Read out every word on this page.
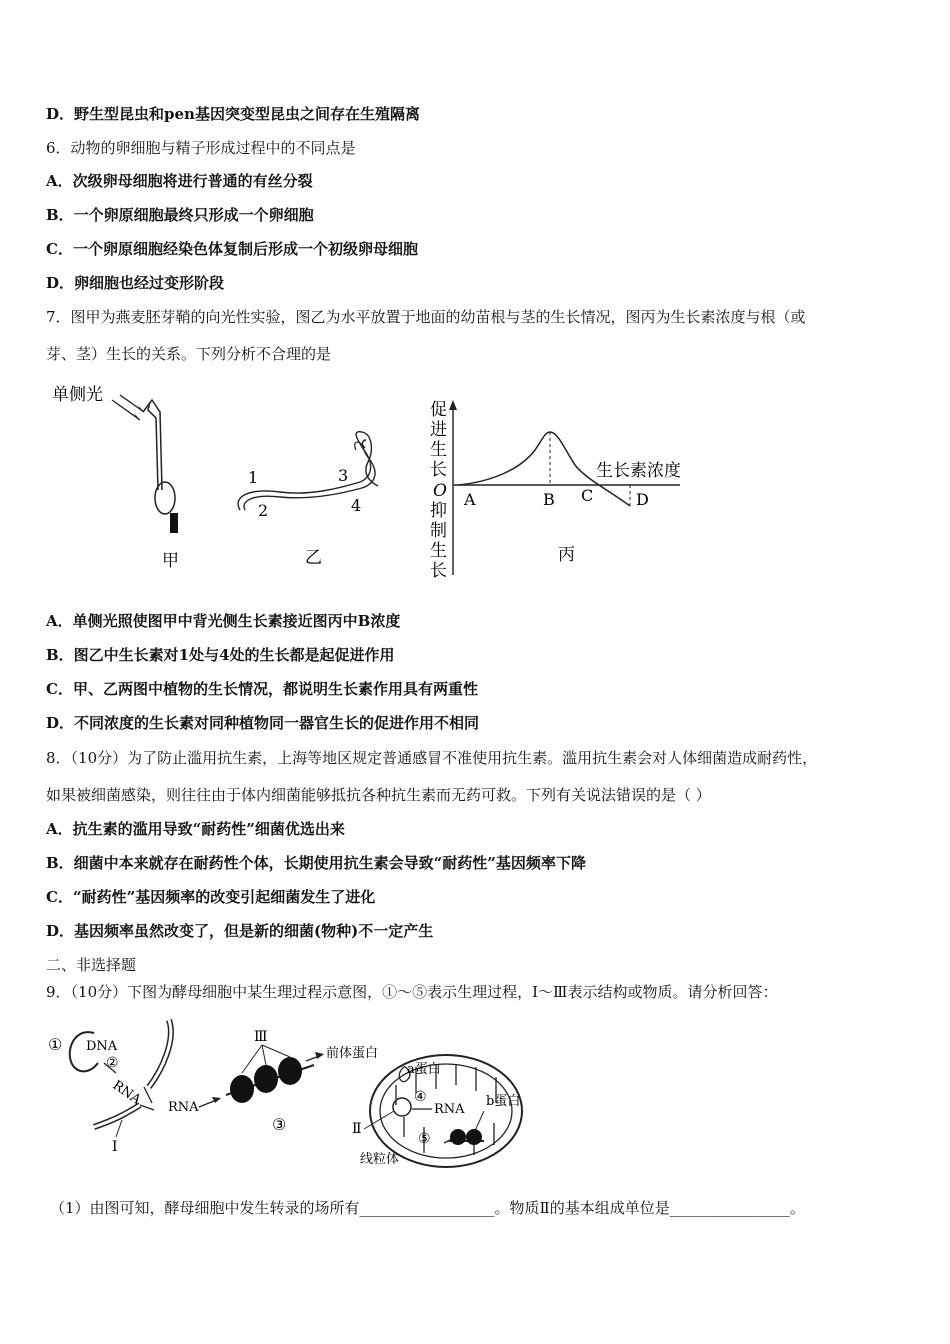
D．野生型昆虫和pen基因突变型昆虫之间存在生殖隔离
6．动物的卵细胞与精子形成过程中的不同点是
A．次级卵母细胞将进行普通的有丝分裂
B．一个卵原细胞最终只形成一个卵细胞
C．一个卵原细胞经染色体复制后形成一个初级卵母细胞
D．卵细胞也经过变形阶段
7．图甲为燕麦胚芽鞘的向光性实验，图乙为水平放置于地面的幼苗根与茎的生长情况，图丙为生长素浓度与根（或
芽、茎）生长的关系。下列分析不合理的是
单侧光
甲
1
2
3
4
乙
促
进
生
长
O
抑
制
生
长
生长素浓度
A	B C	D
丙
A．单侧光照使图甲中背光侧生长素接近图丙中B浓度
B．图乙中生长素对1处与4处的生长都是起促进作用
C．甲、乙两图中植物的生长情况，都说明生长素作用具有两重性
D．不同浓度的生长素对同种植物同一器官生长的促进作用不相同
8．（10分）为了防止滥用抗生素，上海等地区规定普通感冒不准使用抗生素。滥用抗生素会对人体细菌造成耐药性，
如果被细菌感染，则往往由于体内细菌能够抵抗各种抗生素而无药可救。下列有关说法错误的是（ ）
A．抗生素的滥用导致“耐药性”细菌优选出来
B．细菌中本来就存在耐药性个体，长期使用抗生素会导致“耐药性”基因频率下降
C．“耐药性”基因频率的改变引起细菌发生了进化
D．基因频率虽然改变了，但是新的细菌(物种)不一定产生
二、非选择题
9．（10分）下图为酵母细胞中某生理过程示意图，①～⑤表示生理过程，Ⅰ～Ⅲ表示结构或物质。请分析回答：
① DNA
②
RNA
I
RNA
Ⅲ
③
前体蛋白
a蛋白
④
RNA
b蛋白
⑤
Ⅱ
线粒体
（1）由图可知，酵母细胞中发生转录的场所有__________________。物质Ⅱ的基本组成单位是________________。
